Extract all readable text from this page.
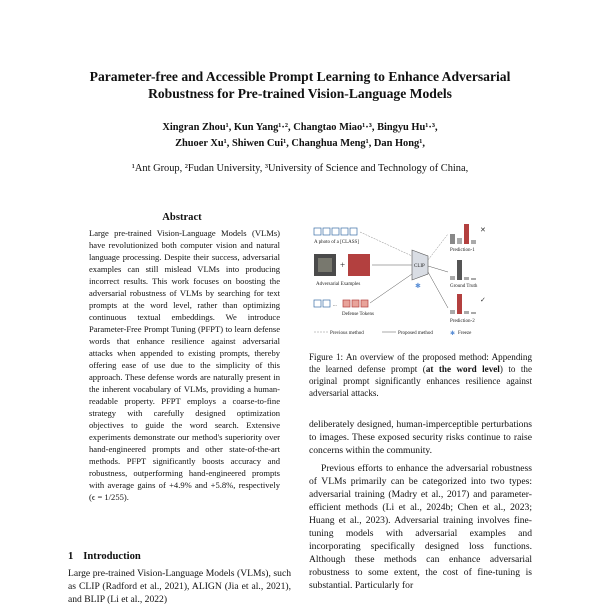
Parameter-free and Accessible Prompt Learning to Enhance Adversarial
Robustness for Pre-trained Vision-Language Models
Xingran Zhou¹, Kun Yang¹·², Changtao Miao¹·³, Bingyu Hu¹·³,
Zhuoer Xu¹, Shiwen Cui¹, Changhua Meng¹, Dan Hong¹,
¹Ant Group, ²Fudan University, ³University of Science and Technology of China,
Abstract
Large pre-trained Vision-Language Models (VLMs) have revolutionized both computer vision and natural language processing. Despite their success, adversarial examples can still mislead VLMs into producing incorrect results. This work focuses on boosting the adversarial robustness of VLMs by searching for text prompts at the word level, rather than optimizing continuous textual embeddings. We introduce Parameter-Free Prompt Tuning (PFPT) to learn defense words that enhance resilience against adversarial attacks when appended to existing prompts, thereby offering ease of use due to the simplicity of this approach. These defense words are naturally present in the inherent vocabulary of VLMs, providing a human-readable property. PFPT employs a coarse-to-fine strategy with carefully designed optimization objectives to guide the word search. Extensive experiments demonstrate our method's superiority over hand-engineered prompts and other state-of-the-art methods. PFPT significantly boosts accuracy and robustness, outperforming hand-engineered prompts with average gains of +4.9% and +5.8%, respectively (ϵ = 1/255).
1 Introduction
Large pre-trained Vision-Language Models (VLMs), such as CLIP (Radford et al., 2021), ALIGN (Jia et al., 2021), and BLIP (Li et al., 2022)
A photo of a [CLASS]
+
Adversarial Examples
...
Defense Tokens
CLIP
✱
✕
Prediction-1
Ground Truth
✓
Prediction-2
Previous method	Proposed method	✱ Freeze
Figure 1: An overview of the proposed method: Appending the learned defense prompt (at the word level) to the original prompt significantly enhances resilience against adversarial attacks.

deliberately designed, human-imperceptible perturbations to images. These exposed security risks continue to raise concerns within the community.

Previous efforts to enhance the adversarial robustness of VLMs primarily can be categorized into two types: adversarial training (Madry et al., 2017) and parameter-efficient methods (Li et al., 2024b; Chen et al., 2023; Huang et al., 2023). Adversarial training involves fine-tuning models with adversarial examples and incorporating specifically designed loss functions. Although these methods can enhance adversarial robustness to some extent, the cost of fine-tuning is substantial. Particularly for
